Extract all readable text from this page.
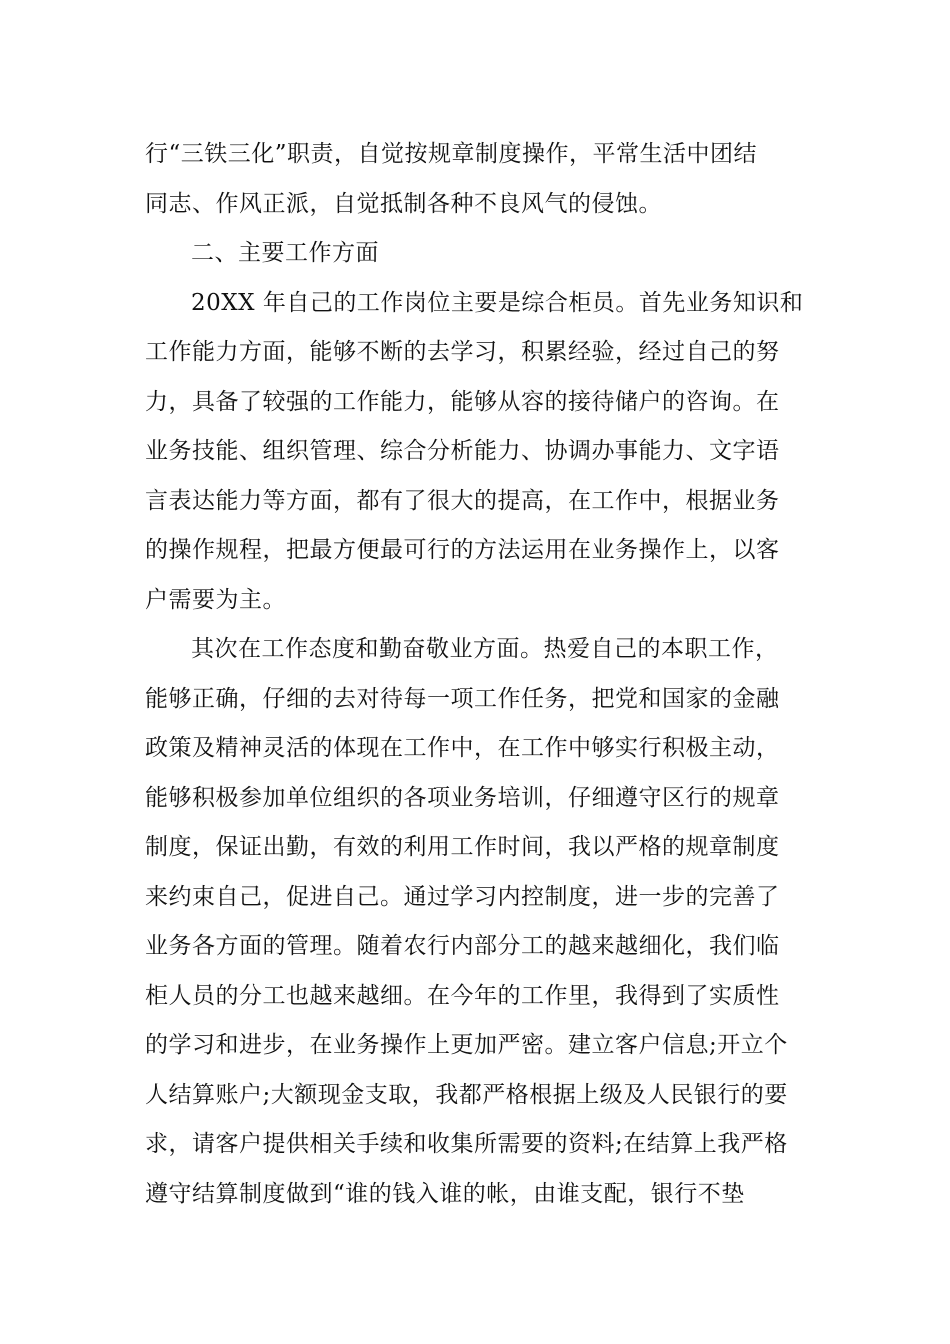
行“三铁三化”职责，自觉按规章制度操作，平常生活中团结
同志、作风正派，自觉抵制各种不良风气的侵蚀。
二、主要工作方面
20XX 年自己的工作岗位主要是综合柜员。首先业务知识和
工作能力方面，能够不断的去学习，积累经验，经过自己的努
力，具备了较强的工作能力，能够从容的接待储户的咨询。在
业务技能、组织管理、综合分析能力、协调办事能力、文字语
言表达能力等方面，都有了很大的提高，在工作中，根据业务
的操作规程，把最方便最可行的方法运用在业务操作上，以客
户需要为主。
其次在工作态度和勤奋敬业方面。热爱自己的本职工作，
能够正确，仔细的去对待每一项工作任务，把党和国家的金融
政策及精神灵活的体现在工作中，在工作中够实行积极主动，
能够积极参加单位组织的各项业务培训，仔细遵守区行的规章
制度，保证出勤，有效的利用工作时间，我以严格的规章制度
来约束自己，促进自己。通过学习内控制度，进一步的完善了
业务各方面的管理。随着农行内部分工的越来越细化，我们临
柜人员的分工也越来越细。在今年的工作里，我得到了实质性
的学习和进步，在业务操作上更加严密。建立客户信息;开立个
人结算账户;大额现金支取，我都严格根据上级及人民银行的要
求，请客户提供相关手续和收集所需要的资料;在结算上我严格
遵守结算制度做到“谁的钱入谁的帐，由谁支配，银行不垫
